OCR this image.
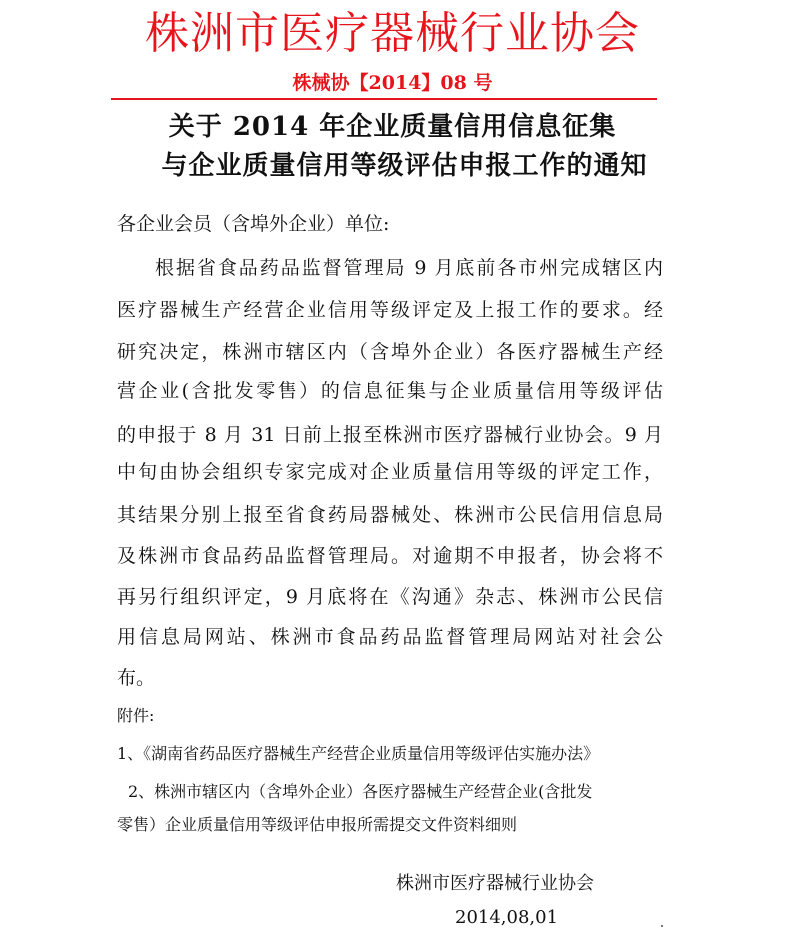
株洲市医疗器械行业协会
株械协【2014】08 号
关于 2014 年企业质量信用信息征集
与企业质量信用等级评估申报工作的通知
各企业会员（含埠外企业）单位:
根据省食品药品监督管理局 9 月底前各市州完成辖区内
医疗器械生产经营企业信用等级评定及上报工作的要求。经
研究决定，株洲市辖区内（含埠外企业）各医疗器械生产经
营企业(含批发零售）的信息征集与企业质量信用等级评估
的申报于 8 月 31 日前上报至株洲市医疗器械行业协会。9 月
中旬由协会组织专家完成对企业质量信用等级的评定工作，
其结果分别上报至省食药局器械处、株洲市公民信用信息局
及株洲市食品药品监督管理局。对逾期不申报者，协会将不
再另行组织评定，9 月底将在《沟通》杂志、株洲市公民信
用信息局网站、株洲市食品药品监督管理局网站对社会公
布。
附件:
1、《湖南省药品医疗器械生产经营企业质量信用等级评估实施办法》
2、株洲市辖区内（含埠外企业）各医疗器械生产经营企业(含批发
零售）企业质量信用等级评估申报所需提交文件资料细则
株洲市医疗器械行业协会
2014,08,01
